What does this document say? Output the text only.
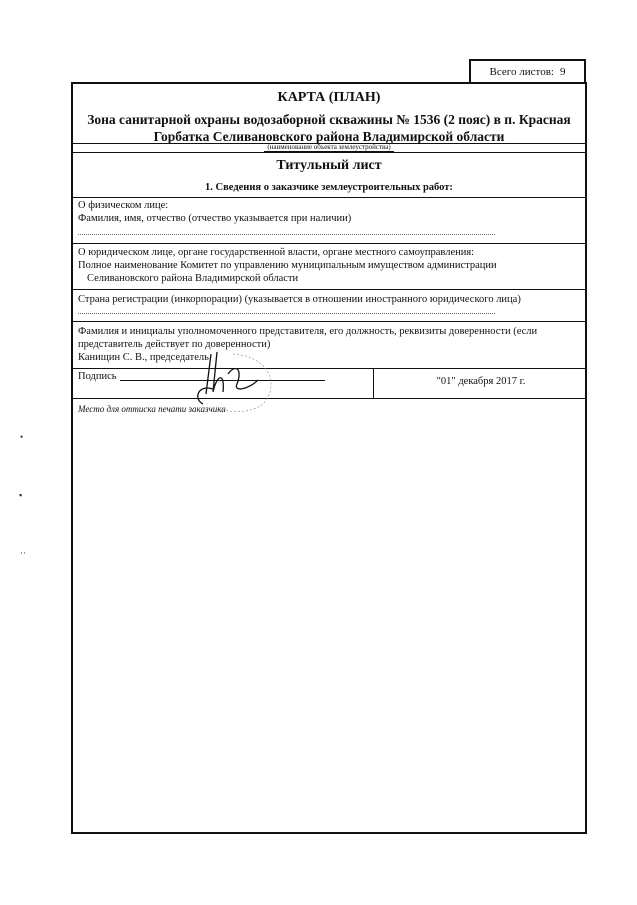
Всего листов: 9
КАРТА (ПЛАН)
Зона санитарной охраны водозаборной скважины № 1536 (2 пояс) в п. Красная
Горбатка Селивановского района Владимирской области
(наименование объекта землеустройства)
Титульный лист
1. Сведения о заказчике землеустроительных работ:
О физическом лице:
Фамилия, имя, отчество (отчество указывается при наличии)
О юридическом лице, органе государственной власти, органе местного самоуправления:
Полное наименование Комитет по управлению муниципальным имуществом администрации
Селивановского района Владимирской области
Страна регистрации (инкорпорации) (указывается в отношении иностранного юридического лица)
Фамилия и инициалы уполномоченного представителя, его должность, реквизиты доверенности (если
представитель действует по доверенности)
Канищин С. В., председатель
Подпись	"01" декабря 2017 г.
Место для оттиска печати заказчика
•
▪
··
